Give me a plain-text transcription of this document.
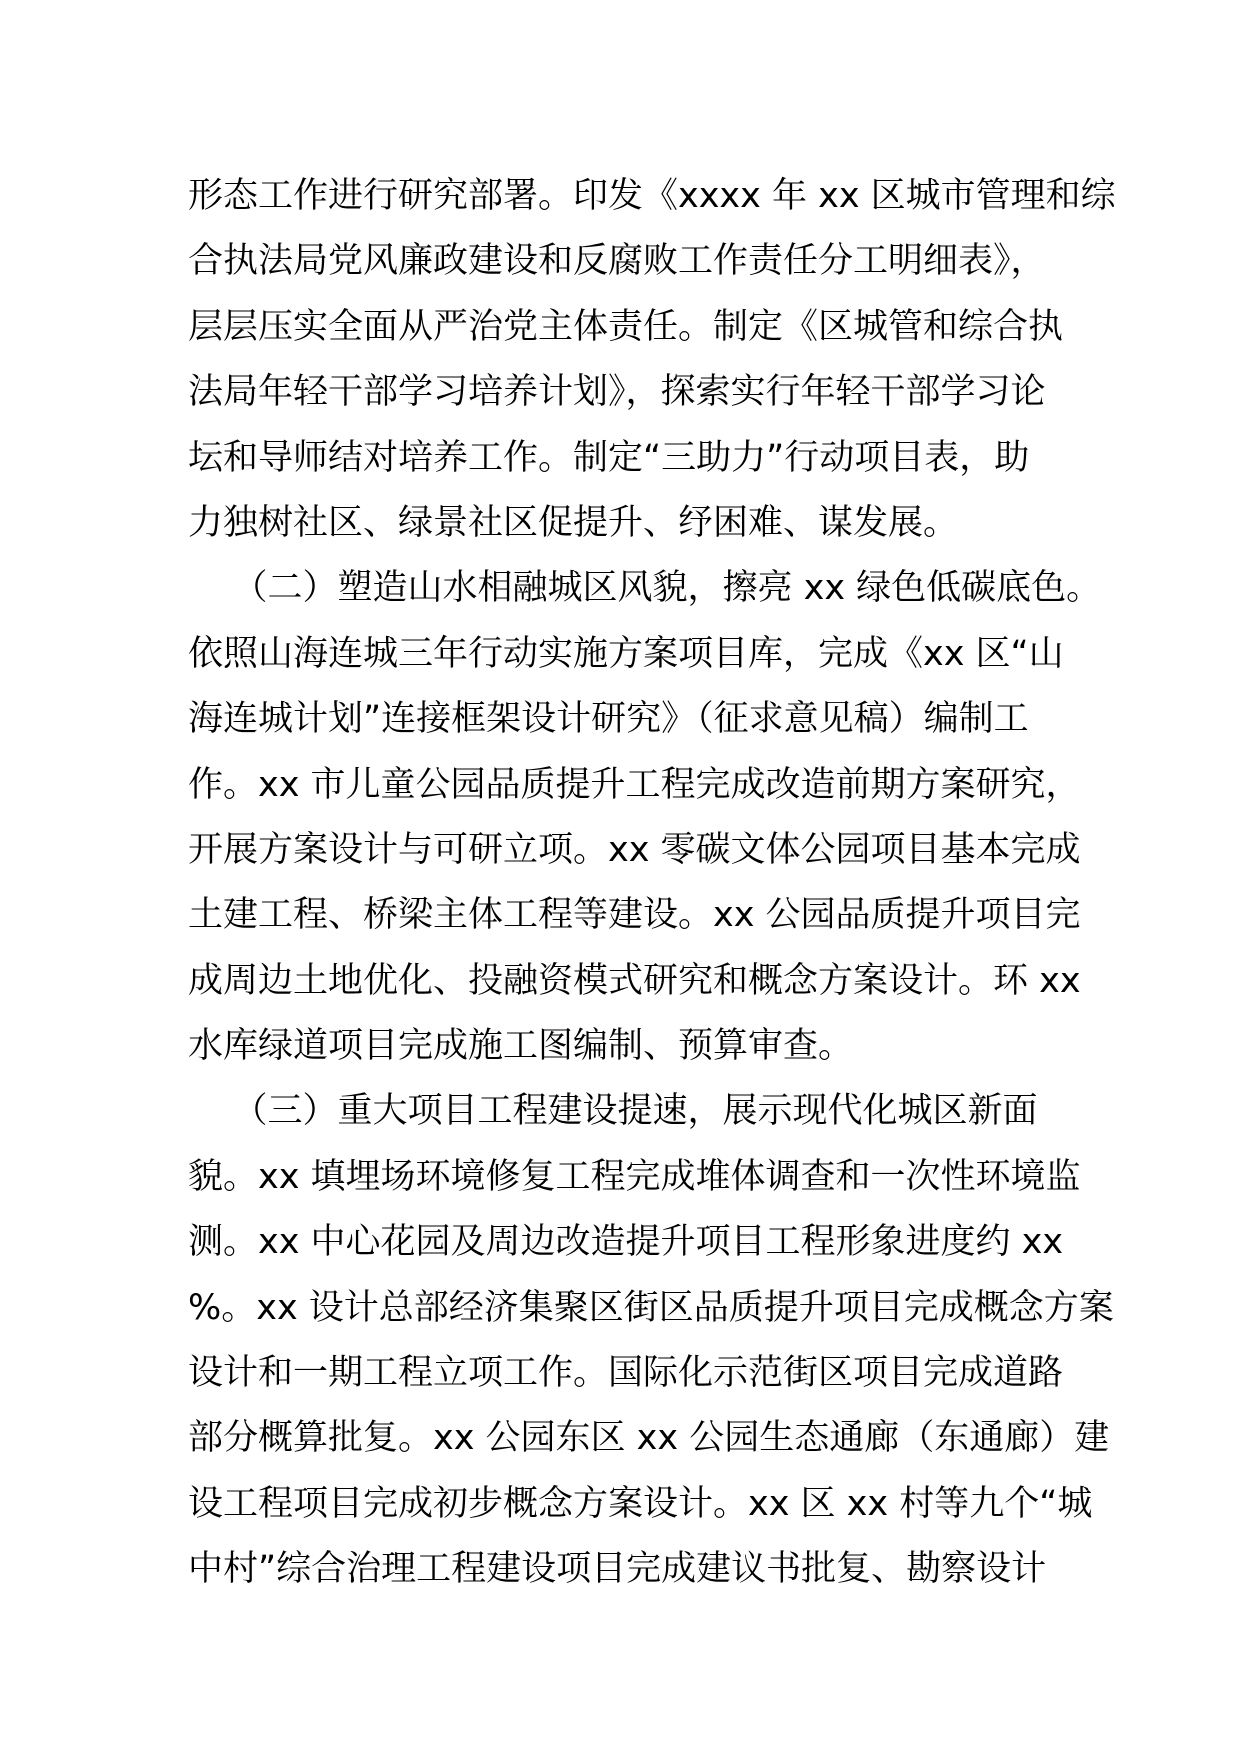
形态工作进行研究部署。印发《xxxx 年 xx 区城市管理和综
合执法局党风廉政建设和反腐败工作责任分工明细表》，
层层压实全面从严治党主体责任。制定《区城管和综合执
法局年轻干部学习培养计划》，探索实行年轻干部学习论
坛和导师结对培养工作。制定“三助力”行动项目表，助
力独树社区、绿景社区促提升、纾困难、谋发展。
（二）塑造山水相融城区风貌，擦亮 xx 绿色低碳底色。
依照山海连城三年行动实施方案项目库，完成《xx 区“山
海连城计划”连接框架设计研究》（征求意见稿）编制工
作。xx 市儿童公园品质提升工程完成改造前期方案研究，
开展方案设计与可研立项。xx 零碳文体公园项目基本完成
土建工程、桥梁主体工程等建设。xx 公园品质提升项目完
成周边土地优化、投融资模式研究和概念方案设计。环 xx
水库绿道项目完成施工图编制、预算审查。
（三）重大项目工程建设提速，展示现代化城区新面
貌。xx 填埋场环境修复工程完成堆体调查和一次性环境监
测。xx 中心花园及周边改造提升项目工程形象进度约 xx
%。xx 设计总部经济集聚区街区品质提升项目完成概念方案
设计和一期工程立项工作。国际化示范街区项目完成道路
部分概算批复。xx 公园东区 xx 公园生态通廊（东通廊）建
设工程项目完成初步概念方案设计。xx 区 xx 村等九个“城
中村”综合治理工程建设项目完成建议书批复、勘察设计
